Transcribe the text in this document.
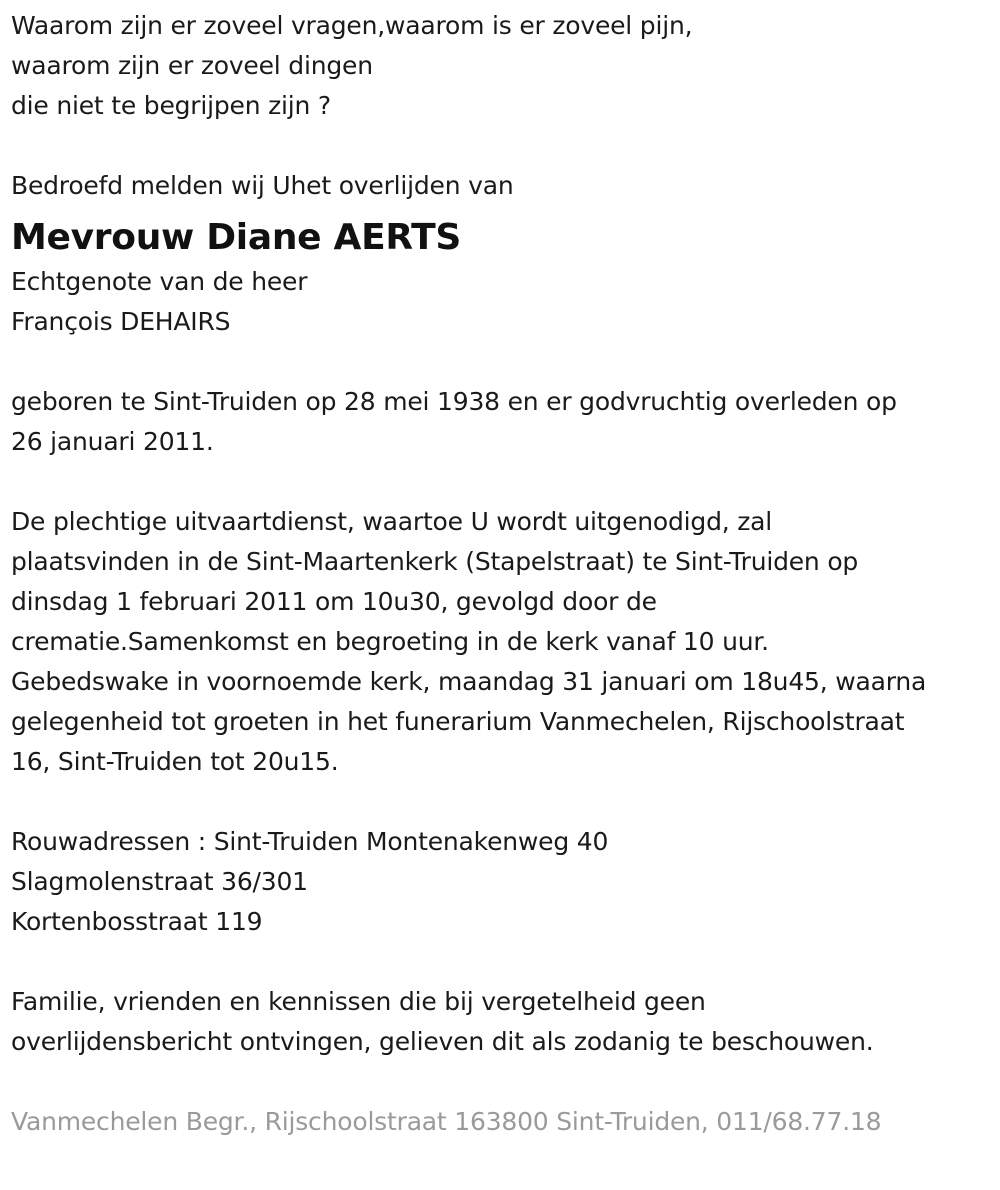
Waarom zijn er zoveel vragen,waarom is er zoveel pijn,
waarom zijn er zoveel dingen
die niet te begrijpen zijn ?
Bedroefd melden wij Uhet overlijden van
Mevrouw Diane AERTS
Echtgenote van de heer
François DEHAIRS
geboren te Sint-Truiden op 28 mei 1938 en er godvruchtig overleden op
26 januari 2011.
De plechtige uitvaartdienst, waartoe U wordt uitgenodigd, zal
plaatsvinden in de Sint-Maartenkerk (Stapelstraat) te Sint-Truiden op
dinsdag 1 februari 2011 om 10u30, gevolgd door de
crematie.Samenkomst en begroeting in de kerk vanaf 10 uur.
Gebedswake in voornoemde kerk, maandag 31 januari om 18u45, waarna
gelegenheid tot groeten in het funerarium Vanmechelen, Rijschoolstraat
16, Sint-Truiden tot 20u15.
Rouwadressen : Sint-Truiden Montenakenweg 40
Slagmolenstraat 36/301
Kortenbosstraat 119
Familie, vrienden en kennissen die bij vergetelheid geen
overlijdensbericht ontvingen, gelieven dit als zodanig te beschouwen.
Vanmechelen Begr., Rijschoolstraat 163800 Sint-Truiden, 011/68.77.18
